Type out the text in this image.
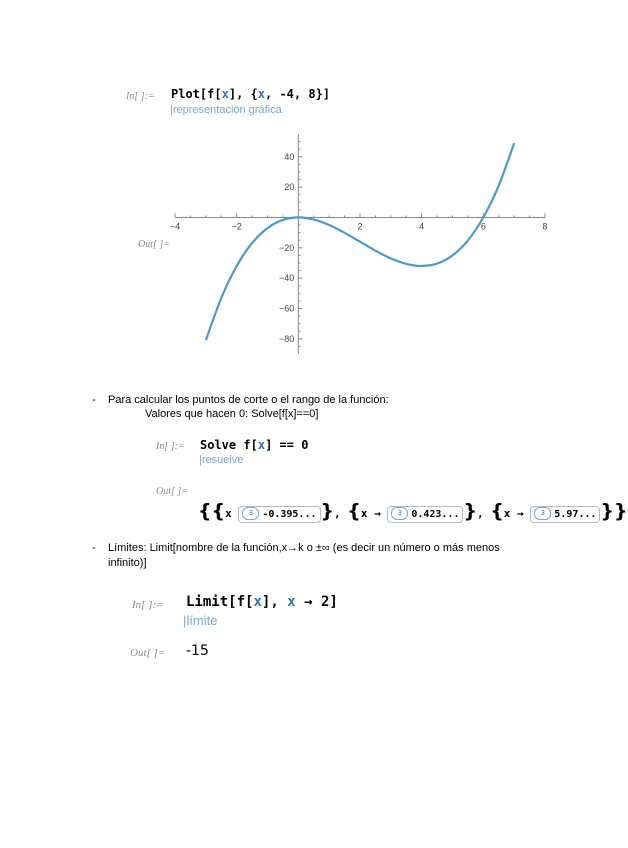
In[ ]:= Plot[f[x], {x, -4, 8}]
|representación gráfica
Out[ ]=
−4	−2	2	4	6	8
40
20
−20
−40
−60
−80
- Para calcular los puntos de corte o el rango de la función:
Valores que hacen 0: Solve[f[x]==0]
In[ ]:= Solve f[x] == 0
|resuelve
Out[ ]=
{{x 3 -0.395... }, {x → 3 0.423... }, {x → 3 5.97... }}
- Límites: Limit[nombre de la función,x→k o ±∞ (es decir un número o más menos
infinito)]
In[ ]:= Limit[f[x], x → 2]
|límite
Out[ ]= -15
